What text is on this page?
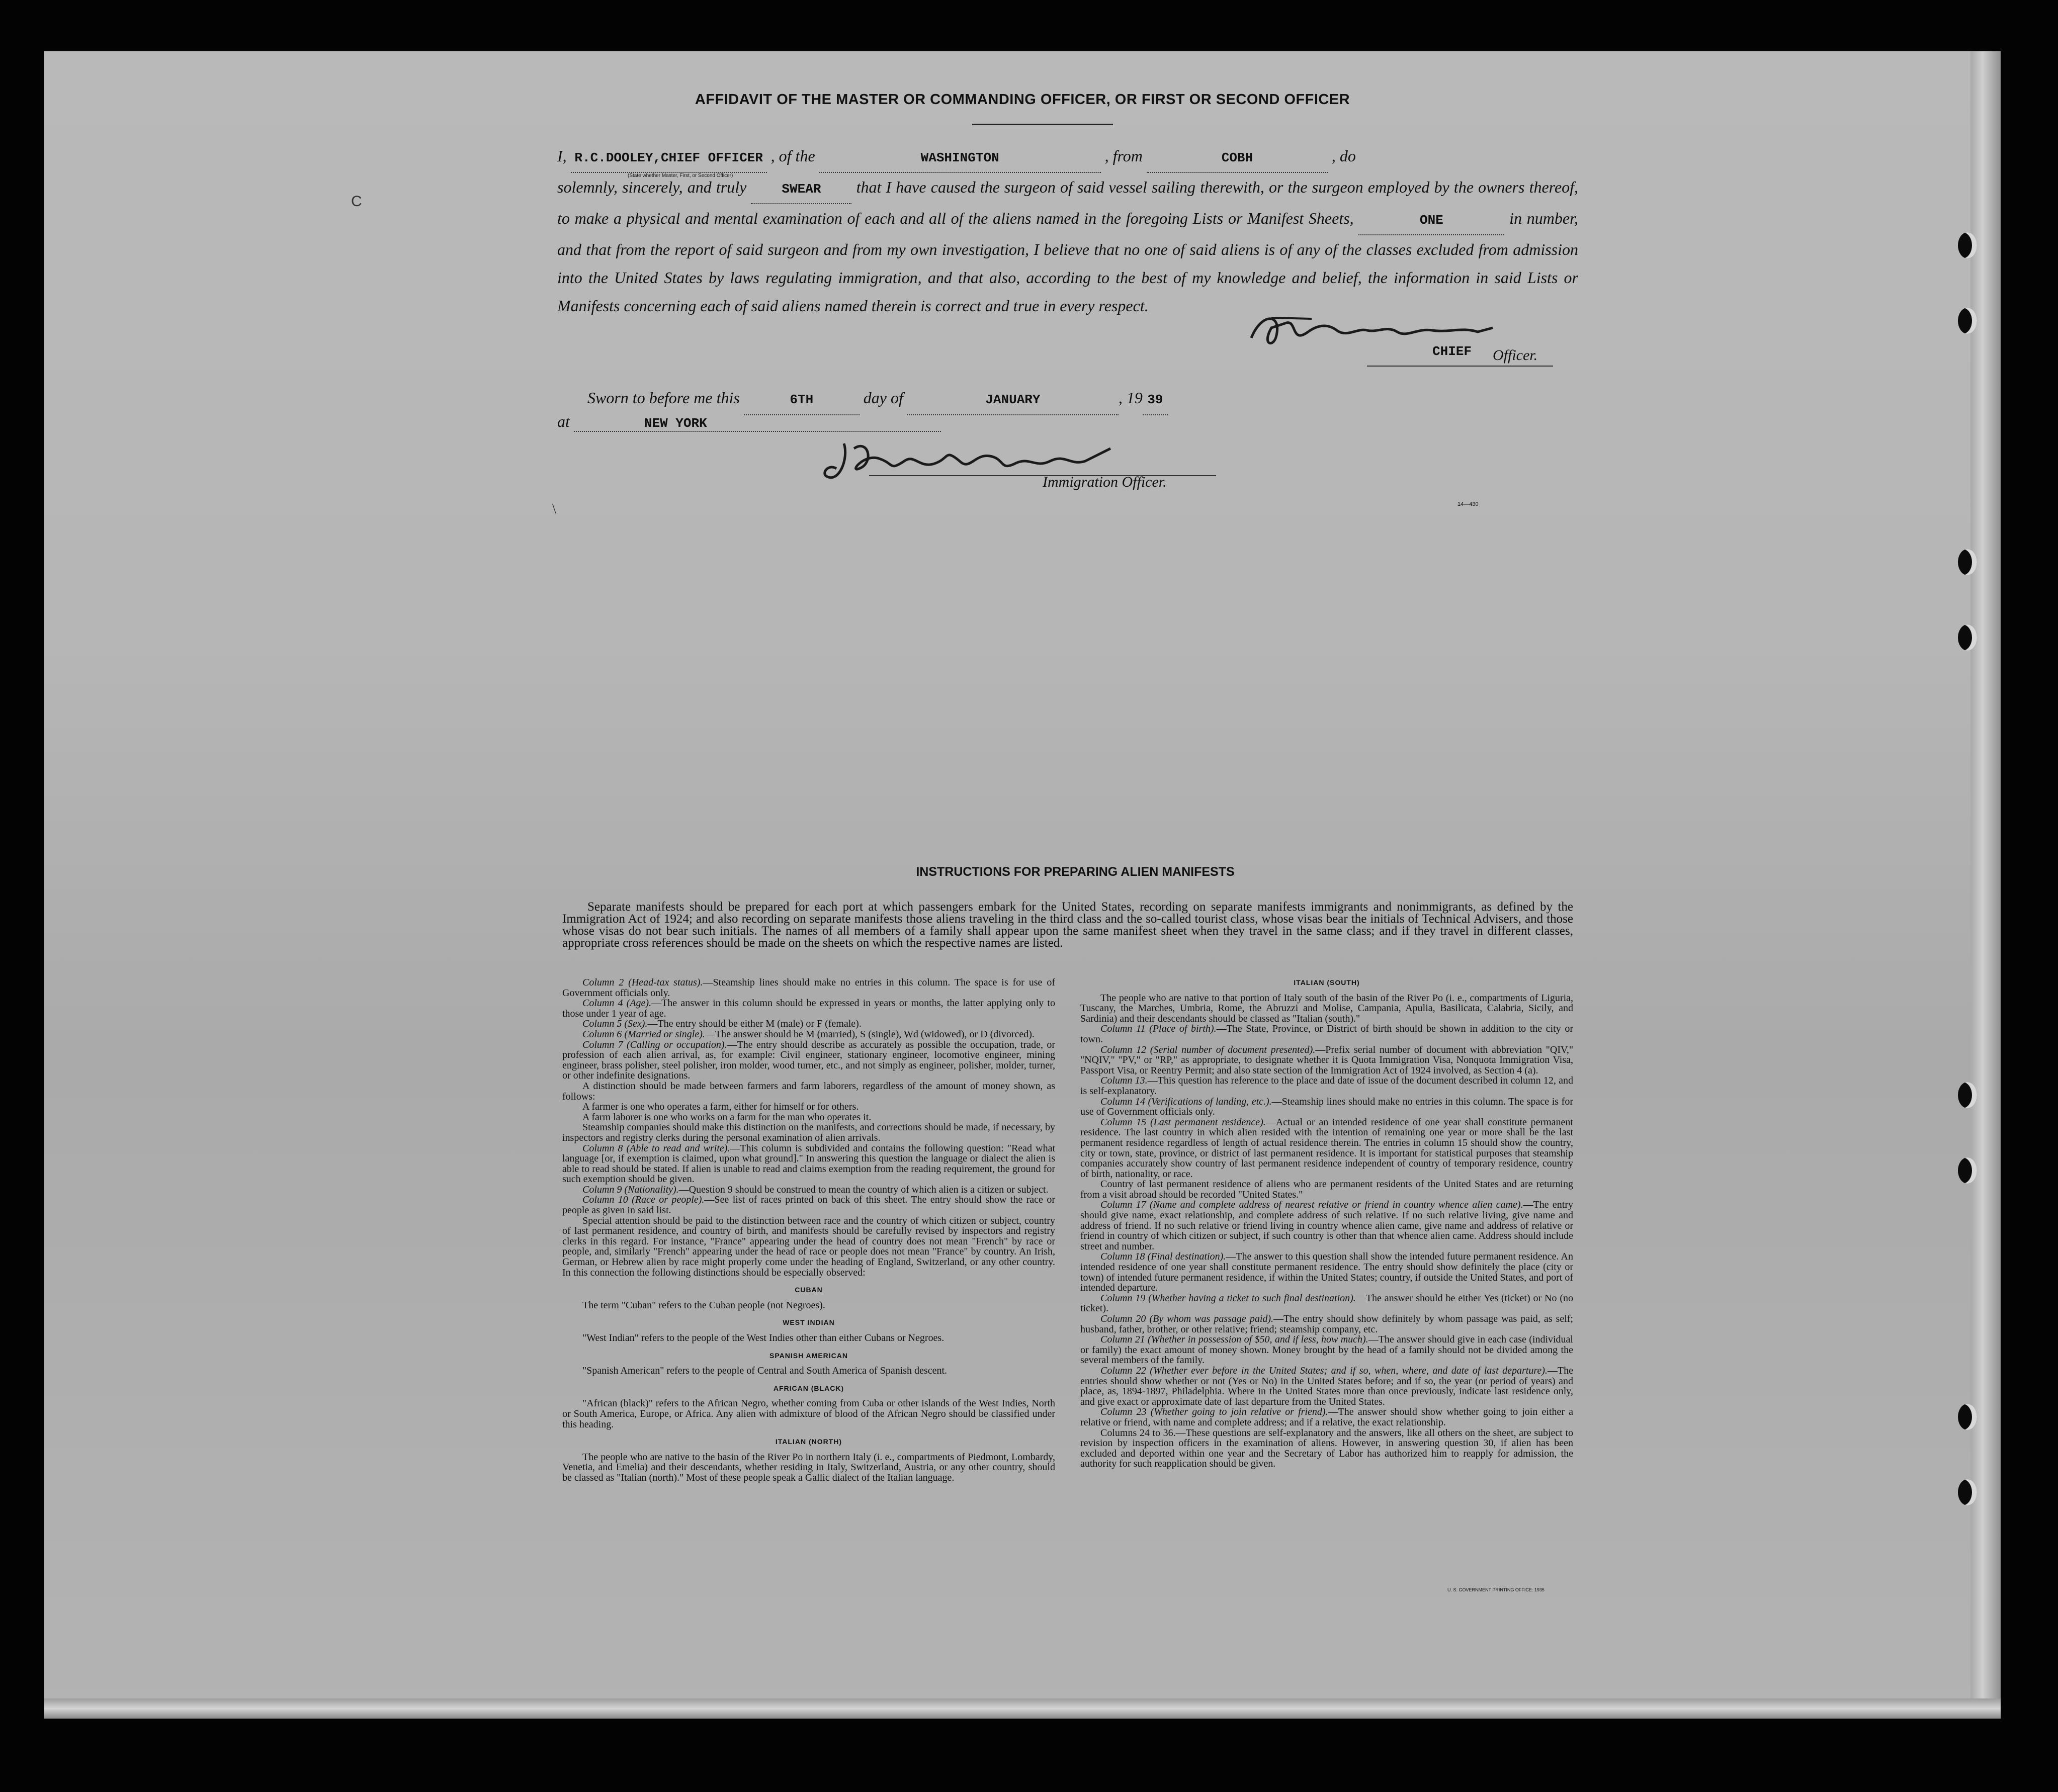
AFFIDAVIT OF THE MASTER OR COMMANDING OFFICER, OR FIRST OR SECOND OFFICER
C
I, R.C.DOOLEY,CHIEF OFFICER , of the	WASHINGTON	, from	COBH	, do
solemnly, sincerely, and truly	SWEAR that I have caused the surgeon of said vessel sailing therewith, or the surgeon employed by the owners thereof, to make a physical and mental examination of each and all of the aliens named in the foregoing Lists or Manifest Sheets,	ONE	in number, and that from the report of said surgeon and from my own investigation, I believe that no one of said aliens is of any of the classes excluded from admission into the United States by laws regulating immigration, and that also, according to the best of my knowledge and belief, the information in said Lists or Manifests concerning each of said aliens named therein is correct and true in every respect.
(State whether Master, First, or Second Officer)
CHIEF Officer.
Sworn to before me this	6TH	day of	JANUARY	, 19 39
at	NEW YORK
Immigration Officer.
\	14—430
INSTRUCTIONS FOR PREPARING ALIEN MANIFESTS
Separate manifests should be prepared for each port at which passengers embark for the United States, recording on separate manifests immigrants and nonimmigrants, as defined by the Immigration Act of 1924; and also recording on separate manifests those aliens traveling in the third class and the so-called tourist class, whose visas bear the initials of Technical Advisers, and those whose visas do not bear such initials. The names of all members of a family shall appear upon the same manifest sheet when they travel in the same class; and if they travel in different classes, appropriate cross references should be made on the sheets on which the respective names are listed.

Column 2 (Head-tax status).—Steamship lines should make no entries in this column. The space is for use of Government officials only.

Column 4 (Age).—The answer in this column should be expressed in years or months, the latter applying only to those under 1 year of age.

Column 5 (Sex).—The entry should be either M (male) or F (female).

Column 6 (Married or single).—The answer should be M (married), S (single), Wd (widowed), or D (divorced).

Column 7 (Calling or occupation).—The entry should describe as accurately as possible the occupation, trade, or profession of each alien arrival, as, for example: Civil engineer, stationary engineer, locomotive engineer, mining engineer, brass polisher, steel polisher, iron molder, wood turner, etc., and not simply as engineer, polisher, molder, turner, or other indefinite designations.

A distinction should be made between farmers and farm laborers, regardless of the amount of money shown, as follows:

A farmer is one who operates a farm, either for himself or for others.

A farm laborer is one who works on a farm for the man who operates it.

Steamship companies should make this distinction on the manifests, and corrections should be made, if necessary, by inspectors and registry clerks during the personal examination of alien arrivals.

Column 8 (Able to read and write).—This column is subdivided and contains the following question: "Read what language [or, if exemption is claimed, upon what ground]." In answering this question the language or dialect the alien is able to read should be stated. If alien is unable to read and claims exemption from the reading requirement, the ground for such exemption should be given.

Column 9 (Nationality).—Question 9 should be construed to mean the country of which alien is a citizen or subject.

Column 10 (Race or people).—See list of races printed on back of this sheet. The entry should show the race or people as given in said list.

Special attention should be paid to the distinction between race and the country of which citizen or subject, country of last permanent residence, and country of birth, and manifests should be carefully revised by inspectors and registry clerks in this regard. For instance, "France" appearing under the head of country does not mean "French" by race or people, and, similarly "French" appearing under the head of race or people does not mean "France" by country. An Irish, German, or Hebrew alien by race might properly come under the heading of England, Switzerland, or any other country. In this connection the following distinctions should be especially observed:

CUBAN

The term "Cuban" refers to the Cuban people (not Negroes).

WEST INDIAN

"West Indian" refers to the people of the West Indies other than either Cubans or Negroes.

SPANISH AMERICAN

"Spanish American" refers to the people of Central and South America of Spanish descent.

AFRICAN (BLACK)

"African (black)" refers to the African Negro, whether coming from Cuba or other islands of the West Indies, North or South America, Europe, or Africa. Any alien with admixture of blood of the African Negro should be classified under this heading.

ITALIAN (NORTH)

The people who are native to the basin of the River Po in northern Italy (i. e., compartments of Piedmont, Lombardy, Venetia, and Emelia) and their descendants, whether residing in Italy, Switzerland, Austria, or any other country, should be classed as "Italian (north)." Most of these people speak a Gallic dialect of the Italian language.

ITALIAN (SOUTH)

The people who are native to that portion of Italy south of the basin of the River Po (i. e., compartments of Liguria, Tuscany, the Marches, Umbria, Rome, the Abruzzi and Molise, Campania, Apulia, Basilicata, Calabria, Sicily, and Sardinia) and their descendants should be classed as "Italian (south)."

Column 11 (Place of birth).—The State, Province, or District of birth should be shown in addition to the city or town.

Column 12 (Serial number of document presented).—Prefix serial number of document with abbreviation "QIV," "NQIV," "PV," or "RP," as appropriate, to designate whether it is Quota Immigration Visa, Nonquota Immigration Visa, Passport Visa, or Reentry Permit; and also state section of the Immigration Act of 1924 involved, as Section 4 (a).

Column 13.—This question has reference to the place and date of issue of the document described in column 12, and is self-explanatory.

Column 14 (Verifications of landing, etc.).—Steamship lines should make no entries in this column. The space is for use of Government officials only.

Column 15 (Last permanent residence).—Actual or an intended residence of one year shall constitute permanent residence. The last country in which alien resided with the intention of remaining one year or more shall be the last permanent residence regardless of length of actual residence therein. The entries in column 15 should show the country, city or town, state, province, or district of last permanent residence. It is important for statistical purposes that steamship companies accurately show country of last permanent residence independent of country of temporary residence, country of birth, nationality, or race.

Country of last permanent residence of aliens who are permanent residents of the United States and are returning from a visit abroad should be recorded "United States."

Column 17 (Name and complete address of nearest relative or friend in country whence alien came).—The entry should give name, exact relationship, and complete address of such relative. If no such relative living, give name and address of friend. If no such relative or friend living in country whence alien came, give name and address of relative or friend in country of which citizen or subject, if such country is other than that whence alien came. Address should include street and number.

Column 18 (Final destination).—The answer to this question shall show the intended future permanent residence. An intended residence of one year shall constitute permanent residence. The entry should show definitely the place (city or town) of intended future permanent residence, if within the United States; country, if outside the United States, and port of intended departure.

Column 19 (Whether having a ticket to such final destination).—The answer should be either Yes (ticket) or No (no ticket).

Column 20 (By whom was passage paid).—The entry should show definitely by whom passage was paid, as self; husband, father, brother, or other relative; friend; steamship company, etc.

Column 21 (Whether in possession of $50, and if less, how much).—The answer should give in each case (individual or family) the exact amount of money shown. Money brought by the head of a family should not be divided among the several members of the family.

Column 22 (Whether ever before in the United States; and if so, when, where, and date of last departure).—The entries should show whether or not (Yes or No) in the United States before; and if so, the year (or period of years) and place, as, 1894-1897, Philadelphia. Where in the United States more than once previously, indicate last residence only, and give exact or approximate date of last departure from the United States.

Column 23 (Whether going to join relative or friend).—The answer should show whether going to join either a relative or friend, with name and complete address; and if a relative, the exact relationship.

Columns 24 to 36.—These questions are self-explanatory and the answers, like all others on the sheet, are subject to revision by inspection officers in the examination of aliens. However, in answering question 30, if alien has been excluded and deported within one year and the Secretary of Labor has authorized him to reapply for admission, the authority for such reapplication should be given.

U. S. GOVERNMENT PRINTING OFFICE: 1935
